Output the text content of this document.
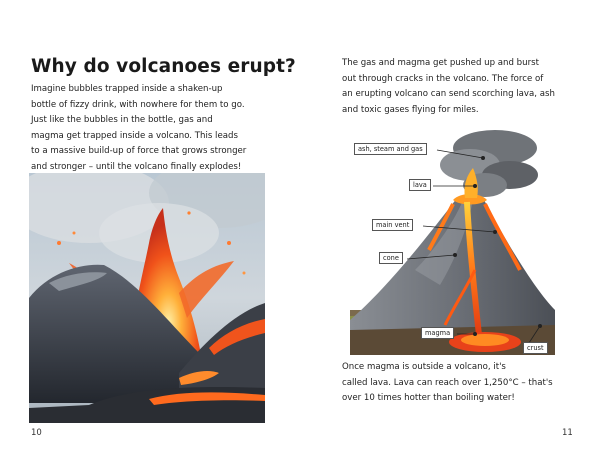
Why do volcanoes erupt?
Imagine bubbles trapped inside a shaken-up
bottle of fizzy drink, with nowhere for them to go.
Just like the bubbles in the bottle, gas and
magma get trapped inside a volcano. This leads
to a massive build-up of force that grows stronger
and stronger – until the volcano finally explodes!
10
The gas and magma get pushed up and burst
out through cracks in the volcano. The force of
an erupting volcano can send scorching lava, ash
and toxic gases flying for miles.
ash, steam and gas
lava
main vent
cone
magma
crust
Once magma is outside a volcano, it's
called lava. Lava can reach over 1,250°C – that's
over 10 times hotter than boiling water!
11
